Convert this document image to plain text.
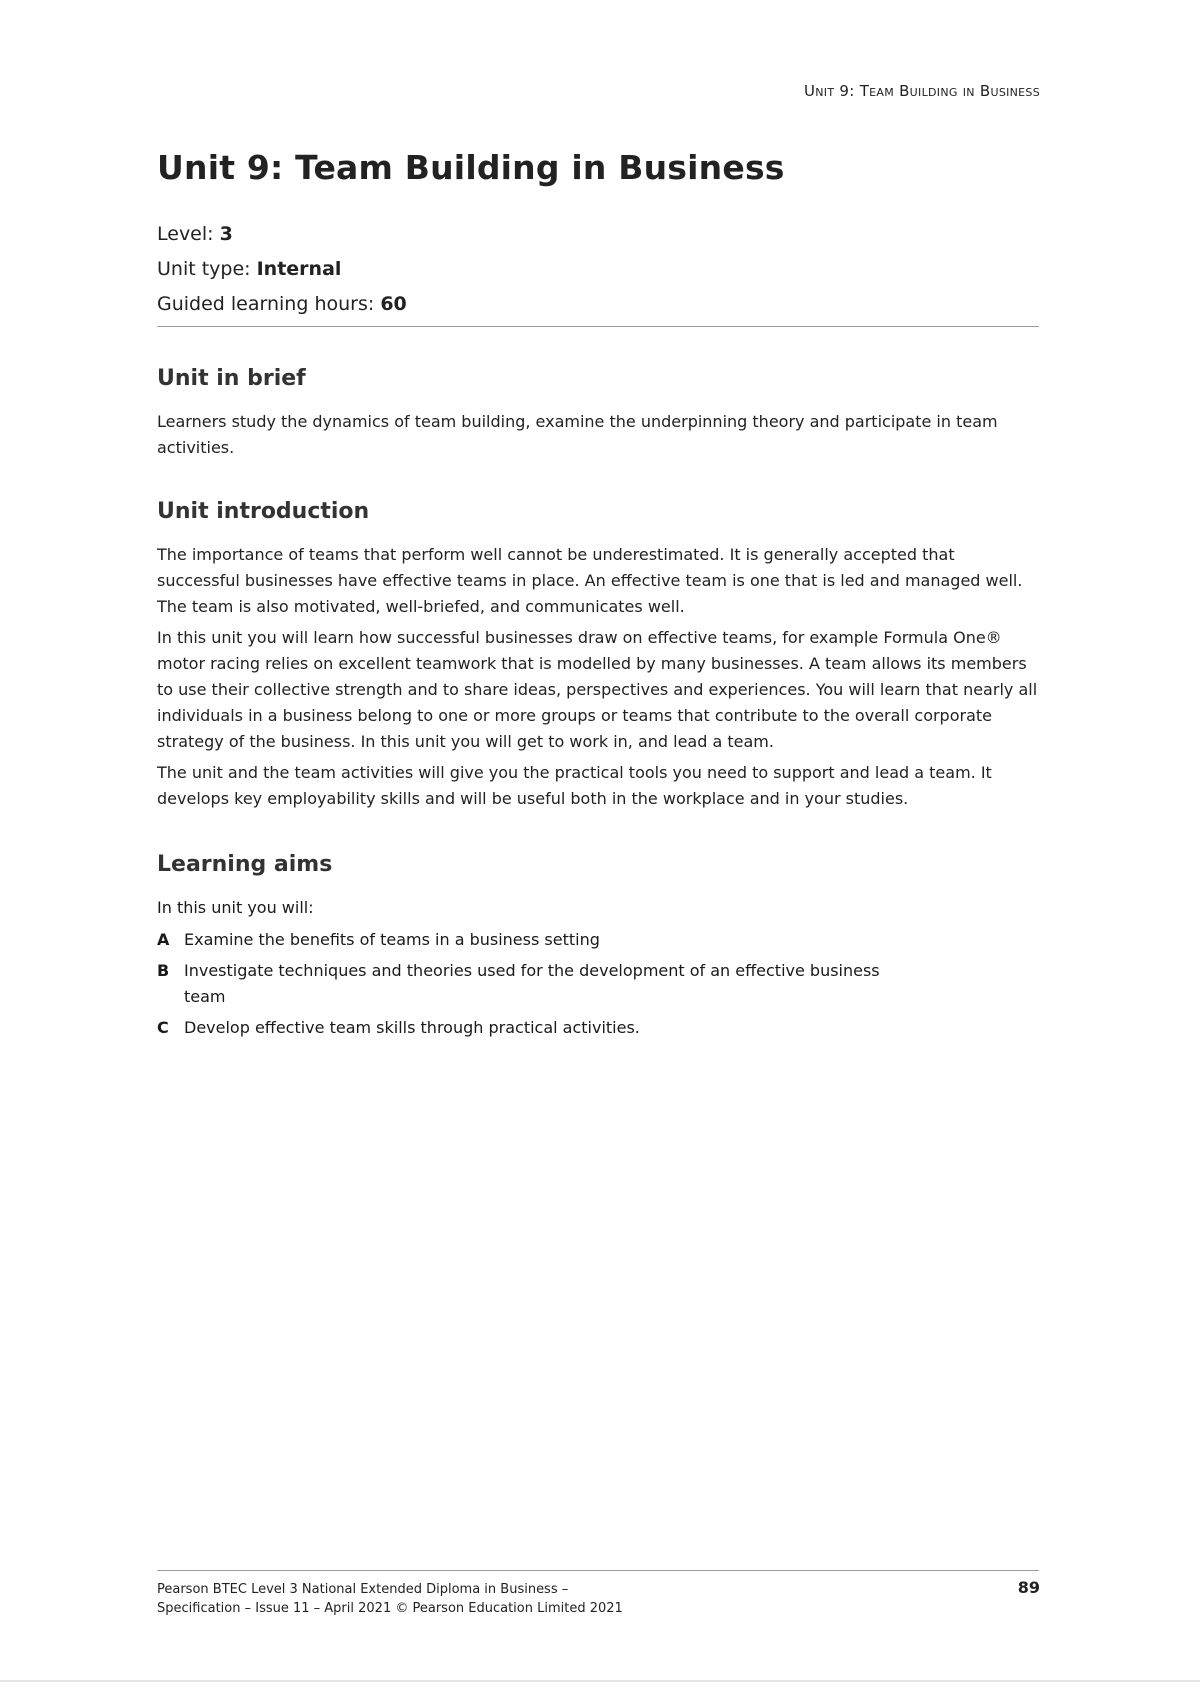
Unit 9: Team Building in Business
Unit 9: Team Building in Business
Level: 3
Unit type: Internal
Guided learning hours: 60
Unit in brief

Learners study the dynamics of team building, examine the underpinning theory and participate in team activities.

Unit introduction

The importance of teams that perform well cannot be underestimated. It is generally accepted that successful businesses have effective teams in place. An effective team is one that is led and managed well. The team is also motivated, well-briefed, and communicates well.

In this unit you will learn how successful businesses draw on effective teams, for example Formula One® motor racing relies on excellent teamwork that is modelled by many businesses. A team allows its members to use their collective strength and to share ideas, perspectives and experiences. You will learn that nearly all individuals in a business belong to one or more groups or teams that contribute to the overall corporate strategy of the business. In this unit you will get to work in, and lead a team.

The unit and the team activities will give you the practical tools you need to support and lead a team. It develops key employability skills and will be useful both in the workplace and in your studies.

Learning aims
In this unit you will:
A Examine the benefits of teams in a business setting
B Investigate techniques and theories used for the development of an effective business team
C Develop effective team skills through practical activities.
Pearson BTEC Level 3 National Extended Diploma in Business –
Specification – Issue 11 – April 2021 © Pearson Education Limited 2021
89
